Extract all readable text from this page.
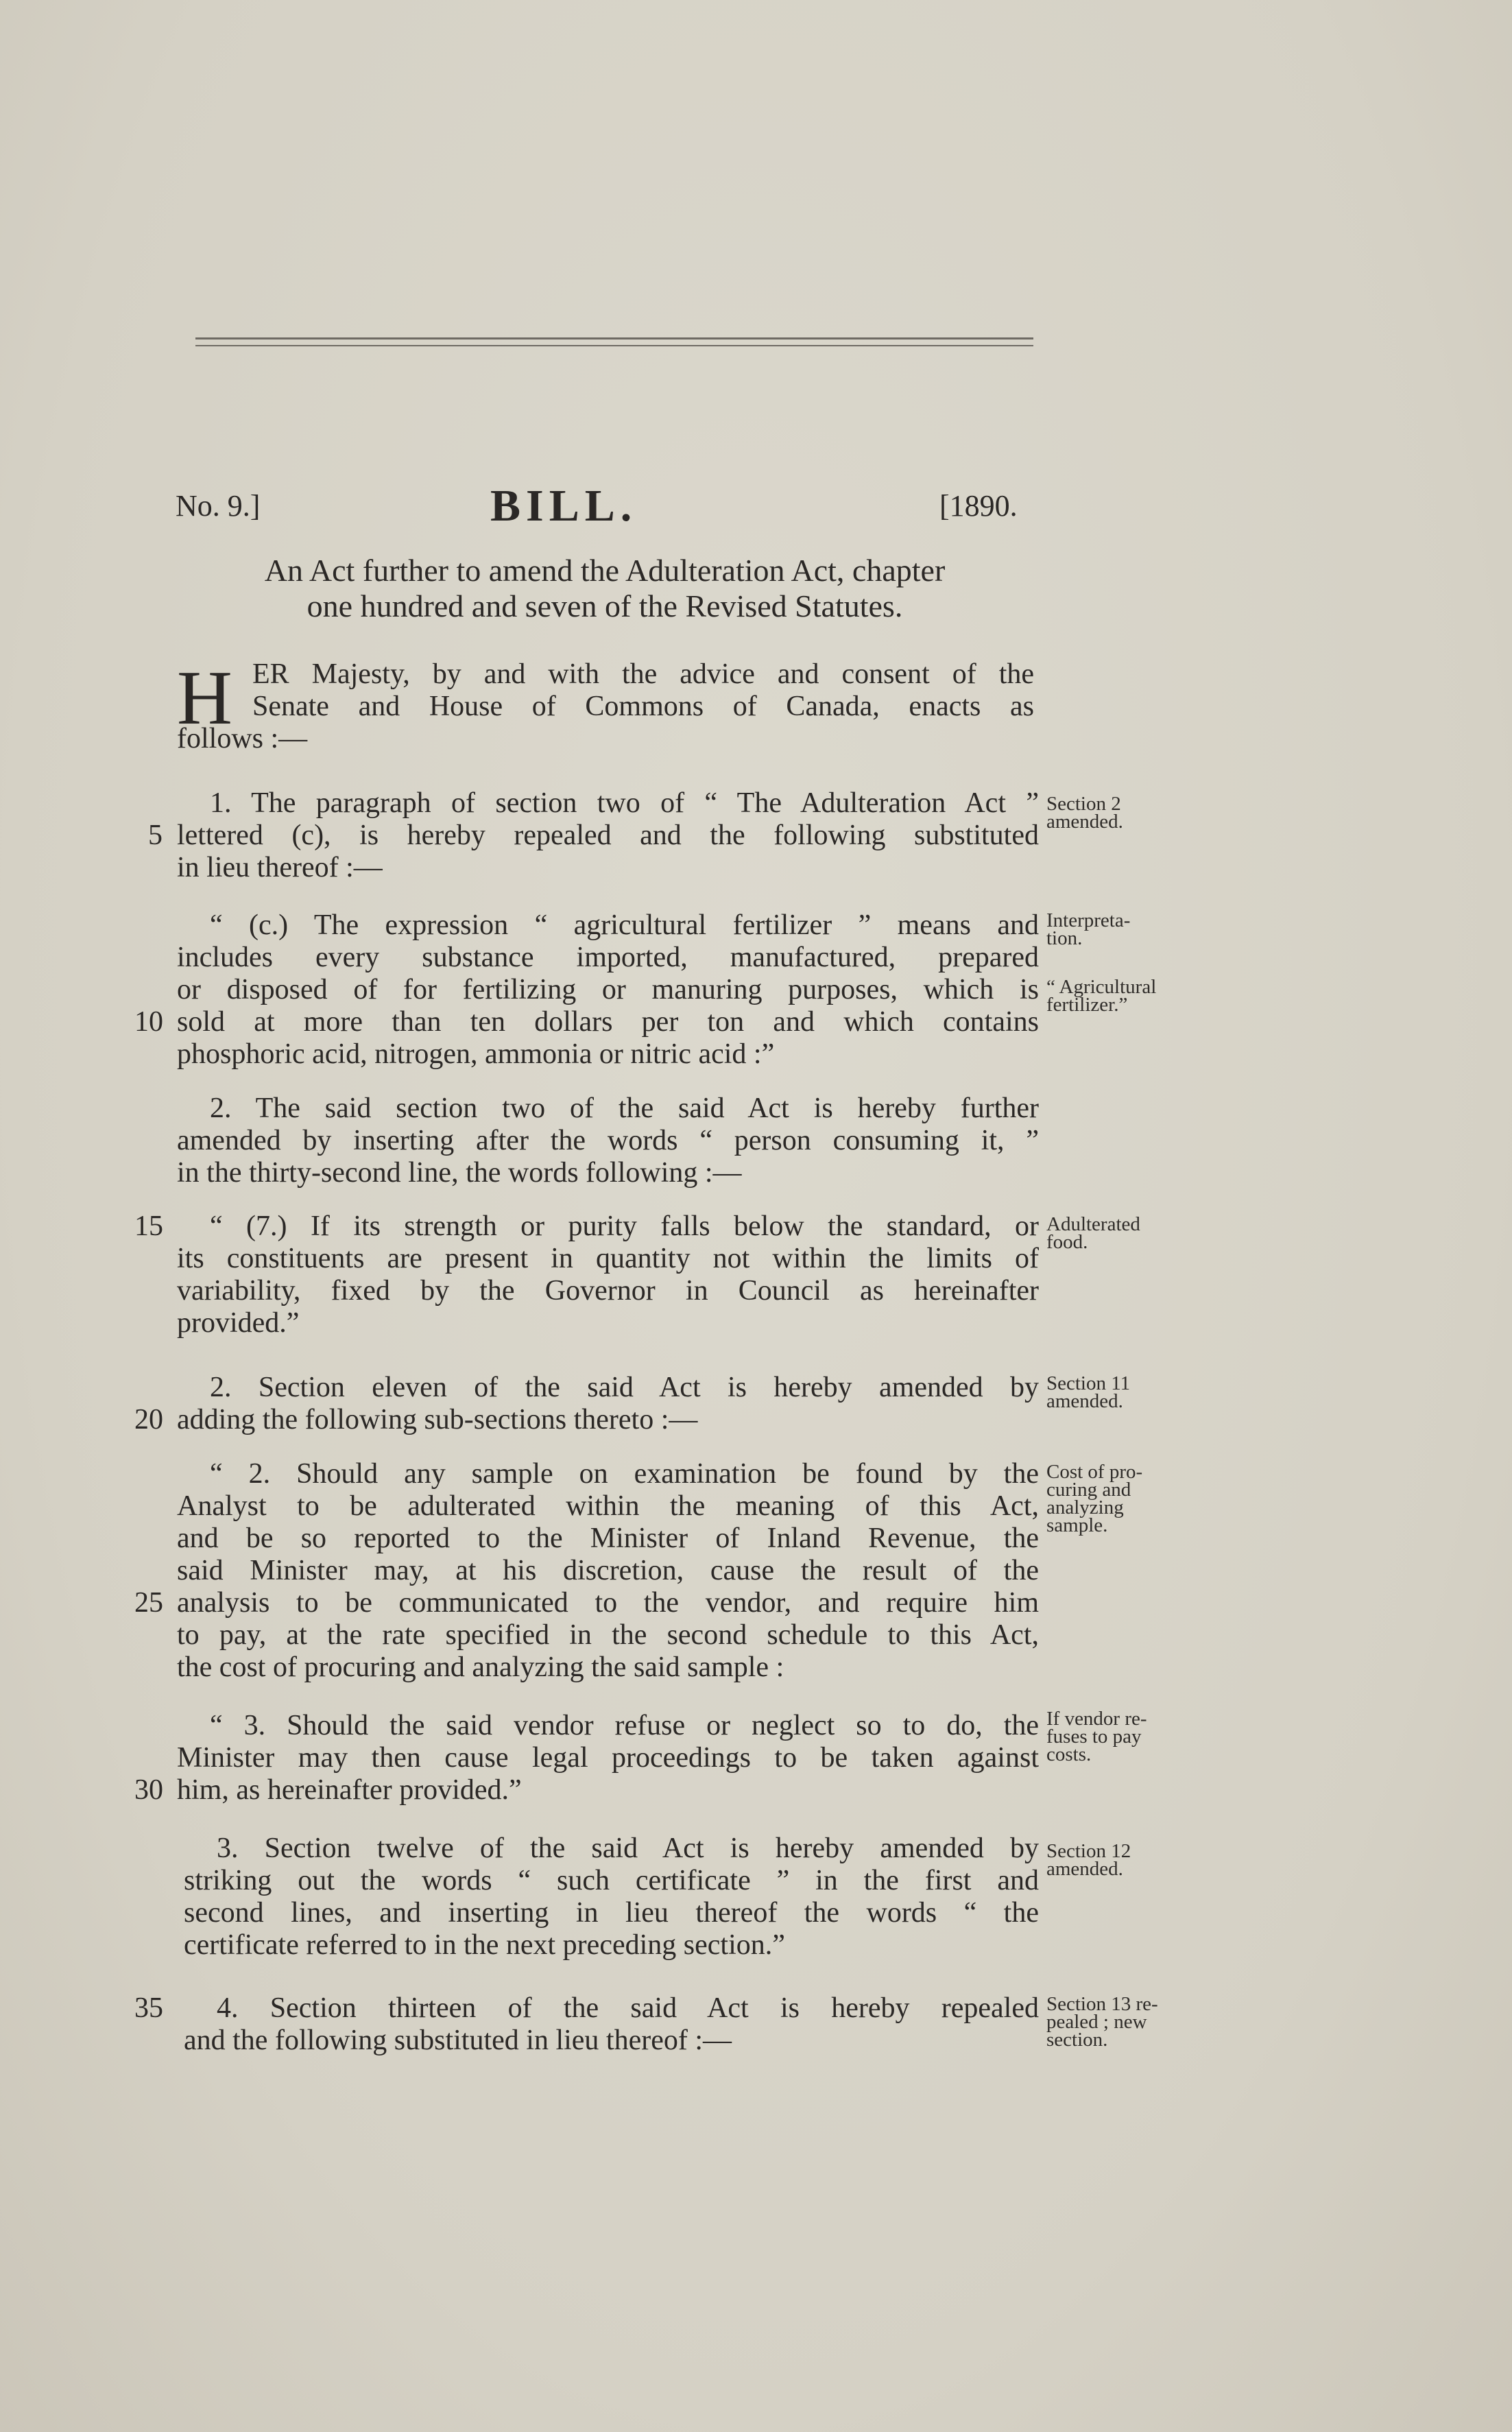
No. 9.]	BILL.	[1890.
An Act further to amend the Adulteration Act, chapter
one hundred and seven of the Revised Statutes.
H ER Majesty, by and with the advice and consent of the
Senate and House of Commons of Canada, enacts as
follows :—
1. The paragraph of section two of “ The Adulteration Act ”
lettered (c), is hereby repealed and the following substituted
5
in lieu thereof :—
“ (c.) The expression “ agricultural fertilizer ” means and
includes every substance imported, manufactured, prepared
or disposed of for fertilizing or manuring purposes, which is
sold at more than ten dollars per ton and which contains
10
phosphoric acid, nitrogen, ammonia or nitric acid :”
2. The said section two of the said Act is hereby further
amended by inserting after the words “ person consuming it, ”
in the thirty-second line, the words following :—
“ (7.) If its strength or purity falls below the standard, or
15
its constituents are present in quantity not within the limits of
variability, fixed by the Governor in Council as hereinafter
provided.”
2. Section eleven of the said Act is hereby amended by
adding the following sub-sections thereto :—
20
“ 2. Should any sample on examination be found by the
Analyst to be adulterated within the meaning of this Act,
and be so reported to the Minister of Inland Revenue, the
said Minister may, at his discretion, cause the result of the
analysis to be communicated to the vendor, and require him
25
to pay, at the rate specified in the second schedule to this Act,
the cost of procuring and analyzing the said sample :
“ 3. Should the said vendor refuse or neglect so to do, the
Minister may then cause legal proceedings to be taken against
him, as hereinafter provided.”
30
3. Section twelve of the said Act is hereby amended by
striking out the words “ such certificate ” in the first and
second lines, and inserting in lieu thereof the words “ the
certificate referred to in the next preceding section.”
4. Section thirteen of the said Act is hereby repealed
35
and the following substituted in lieu thereof :—
Section 2
amended.
Interpreta-
tion.
“ Agricultural
fertilizer.”
Adulterated
food.
Section 11
amended.
Cost of pro-
curing and
analyzing
sample.
If vendor re-
fuses to pay
costs.
Section 12
amended.
Section 13 re-
pealed ; new
section.
